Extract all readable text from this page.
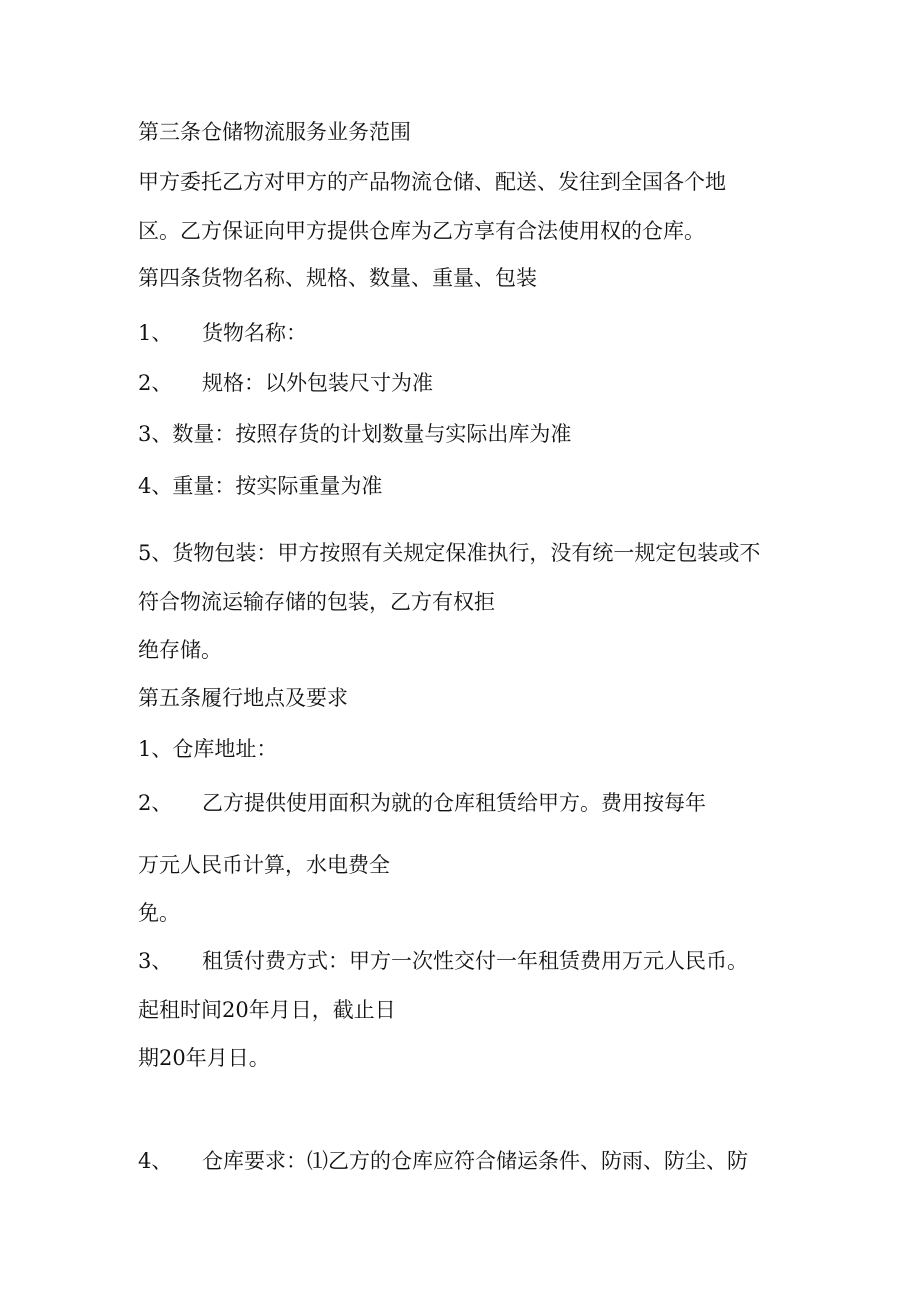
第三条仓储物流服务业务范围
甲方委托乙方对甲方的产品物流仓储、配送、发往到全国各个地
区。乙方保证向甲方提供仓库为乙方享有合法使用权的仓库。
第四条货物名称、规格、数量、重量、包装
1、 货物名称：
2、 规格：以外包装尺寸为准
3、数量：按照存货的计划数量与实际出库为准
4、重量：按实际重量为准
5、货物包装：甲方按照有关规定保准执行，没有统一规定包装或不
符合物流运输存储的包装，乙方有权拒
绝存储。
第五条履行地点及要求
1、仓库地址：
2、 乙方提供使用面积为就的仓库租赁给甲方。费用按每年
万元人民币计算，水电费全
免。
3、 租赁付费方式：甲方一次性交付一年租赁费用万元人民币。
起租时间20年月日，截止日
期20年月日。
4、 仓库要求：⑴乙方的仓库应符合储运条件、防雨、防尘、防
